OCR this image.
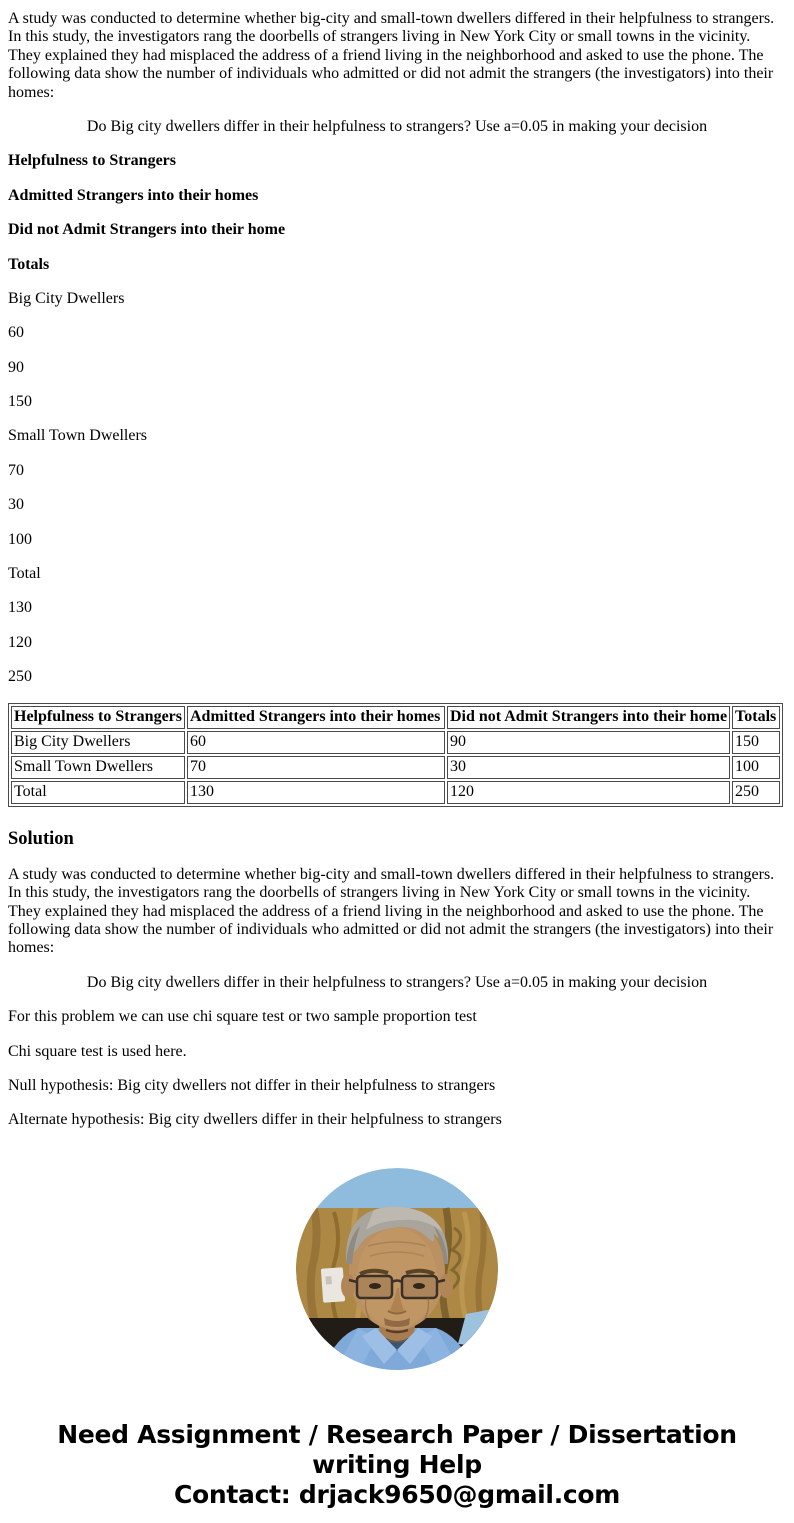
A study was conducted to determine whether big-city and small-town dwellers differed in their helpfulness to strangers. In this study, the investigators rang the doorbells of strangers living in New York City or small towns in the vicinity. They explained they had misplaced the address of a friend living in the neighborhood and asked to use the phone. The following data show the number of individuals who admitted or did not admit the strangers (the investigators) into their homes:

Do Big city dwellers differ in their helpfulness to strangers? Use a=0.05 in making your decision

Helpfulness to Strangers

Admitted Strangers into their homes

Did not Admit Strangers into their home

Totals

Big City Dwellers

60

90

150

Small Town Dwellers

70

30

100

Total

130

120

250

Helpfulness to Strangers	Admitted Strangers into their homes	Did not Admit Strangers into their home	Totals
Big City Dwellers	60	90	150
Small Town Dwellers	70	30	100
Total	130	120	250
Solution

A study was conducted to determine whether big-city and small-town dwellers differed in their helpfulness to strangers. In this study, the investigators rang the doorbells of strangers living in New York City or small towns in the vicinity. They explained they had misplaced the address of a friend living in the neighborhood and asked to use the phone. The following data show the number of individuals who admitted or did not admit the strangers (the investigators) into their homes:

Do Big city dwellers differ in their helpfulness to strangers? Use a=0.05 in making your decision

For this problem we can use chi square test or two sample proportion test

Chi square test is used here.

Null hypothesis: Big city dwellers not differ in their helpfulness to strangers

Alternate hypothesis: Big city dwellers differ in their helpfulness to strangers

Need Assignment / Research Paper / Dissertation
writing Help
Contact: drjack9650@gmail.com
